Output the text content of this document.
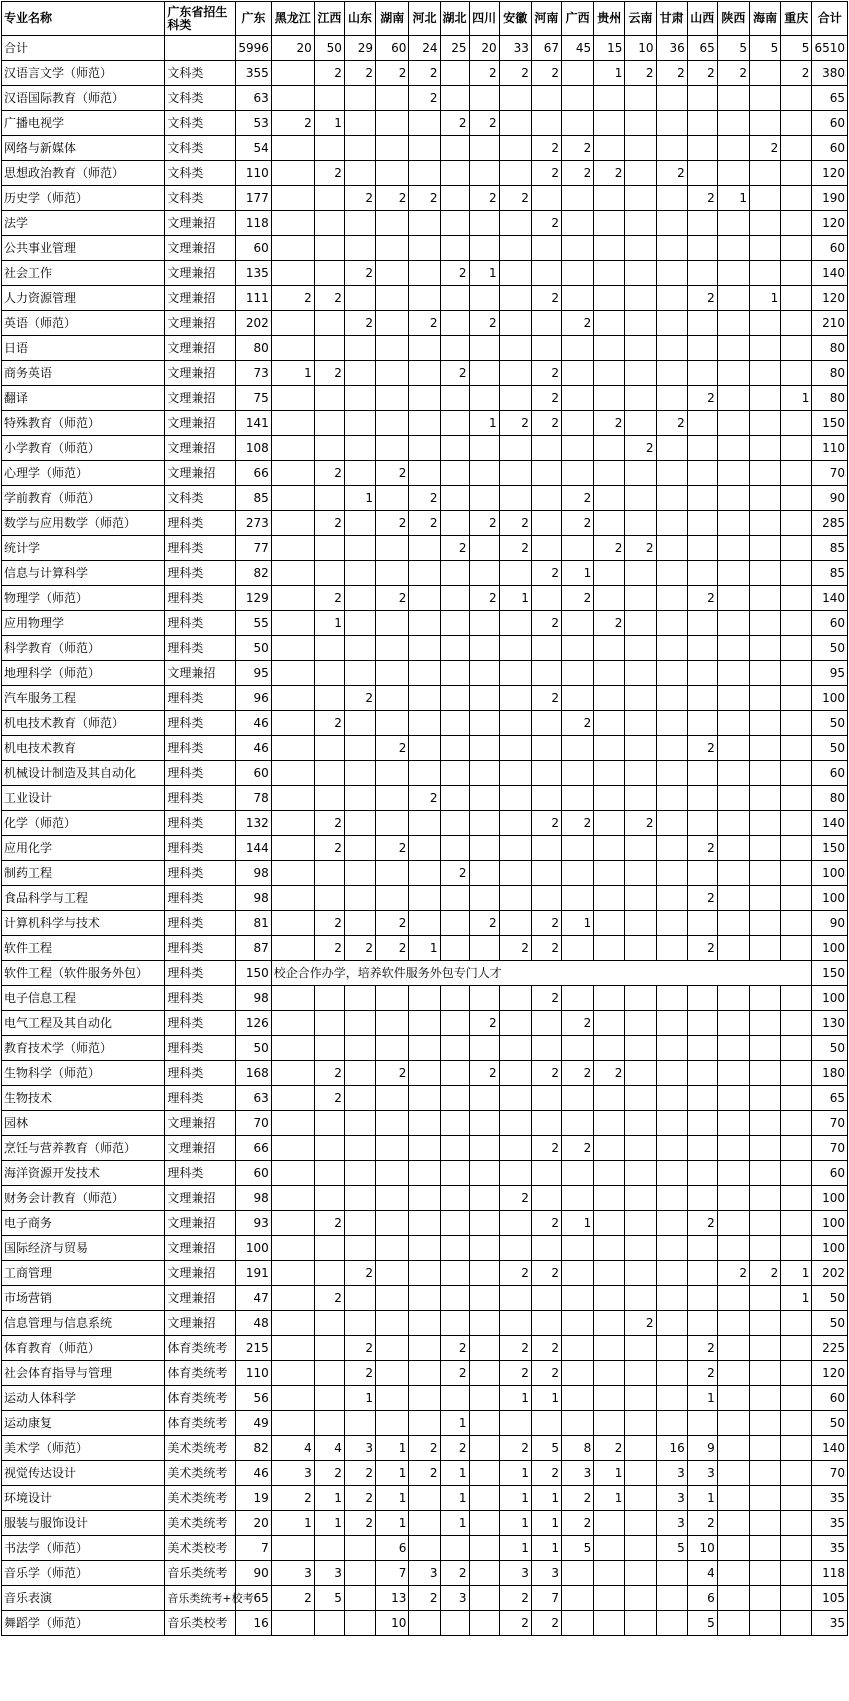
专业名称	广东省招生科类	广东	黑龙江	江西	山东	湖南	河北	湖北	四川	安徽	河南	广西	贵州	云南	甘肃	山西	陕西	海南	重庆	合计
合计		5996	20	50	29	60	24	25	20	33	67	45	15	10	36	65	5	5	5	6510
汉语言文学（师范）	文科类	355		2	2	2	2		2	2	2		1	2	2	2	2		2	380
汉语国际教育（师范）	文科类	63					2													65
广播电视学	文科类	53	2	1				2	2											60
网络与新媒体	文科类	54									2	2						2		60
思想政治教育（师范）	文科类	110		2							2	2	2		2					120
历史学（师范）	文科类	177			2	2	2		2	2						2	1			190
法学	文理兼招	118									2									120
公共事业管理	文理兼招	60																		60
社会工作	文理兼招	135			2			2	1											140
人力资源管理	文理兼招	111	2	2							2					2		1		120
英语（师范）	文理兼招	202			2		2		2			2								210
日语	文理兼招	80																		80
商务英语	文理兼招	73	1	2				2			2									80
翻译	文理兼招	75									2					2			1	80
特殊教育（师范）	文理兼招	141							1	2	2		2		2					150
小学教育（师范）	文理兼招	108												2						110
心理学（师范）	文理兼招	66		2		2														70
学前教育（师范）	文科类	85			1		2					2								90
数学与应用数学（师范）	理科类	273		2		2	2		2	2		2								285
统计学	理科类	77						2		2			2	2						85
信息与计算科学	理科类	82									2	1								85
物理学（师范）	理科类	129		2		2			2	1		2				2				140
应用物理学	理科类	55		1							2		2							60
科学教育（师范）	理科类	50																		50
地理科学（师范）	文理兼招	95																		95
汽车服务工程	理科类	96			2						2									100
机电技术教育（师范）	理科类	46		2								2								50
机电技术教育	理科类	46				2										2				50
机械设计制造及其自动化	理科类	60																		60
工业设计	理科类	78					2													80
化学（师范）	理科类	132		2							2	2		2						140
应用化学	理科类	144		2		2										2				150
制药工程	理科类	98						2												100
食品科学与工程	理科类	98														2				100
计算机科学与技术	理科类	81		2		2			2		2	1								90
软件工程	理科类	87		2	2	2	1			2	2					2				100
软件工程（软件服务外包）	理科类	150	校企合作办学，培养软件服务外包专门人才																	150
电子信息工程	理科类	98									2									100
电气工程及其自动化	理科类	126							2			2								130
教育技术学（师范）	理科类	50																		50
生物科学（师范）	理科类	168		2		2			2		2	2	2							180
生物技术	理科类	63		2																65
园林	文理兼招	70																		70
烹饪与营养教育（师范）	文理兼招	66									2	2								70
海洋资源开发技术	理科类	60																		60
财务会计教育（师范）	文理兼招	98								2										100
电子商务	文理兼招	93		2							2	1				2				100
国际经济与贸易	文理兼招	100																		100
工商管理	文理兼招	191			2					2	2						2	2	1	202
市场营销	文理兼招	47		2															1	50
信息管理与信息系统	文理兼招	48												2						50
体育教育（师范）	体育类统考	215			2			2		2	2					2				225
社会体育指导与管理	体育类统考	110			2			2		2	2					2				120
运动人体科学	体育类统考	56			1					1	1					1				60
运动康复	体育类统考	49						1												50
美术学（师范）	美术类统考	82	4	4	3	1	2	2		2	5	8	2		16	9				140
视觉传达设计	美术类统考	46	3	2	2	1	2	1		1	2	3	1		3	3				70
环境设计	美术类统考	19	2	1	2	1		1		1	1	2	1		3	1				35
服装与服饰设计	美术类统考	20	1	1	2	1		1		1	1	2			3	2				35
书法学（师范）	美术类校考	7				6				1	1	5			5	10				35
音乐学（师范）	音乐类统考	90	3	3		7	3	2		3	3					4				118
音乐表演	音乐类统考+校考	65	2	5		13	2	3		2	7					6				105
舞蹈学（师范）	音乐类校考	16				10				2	2					5				35
